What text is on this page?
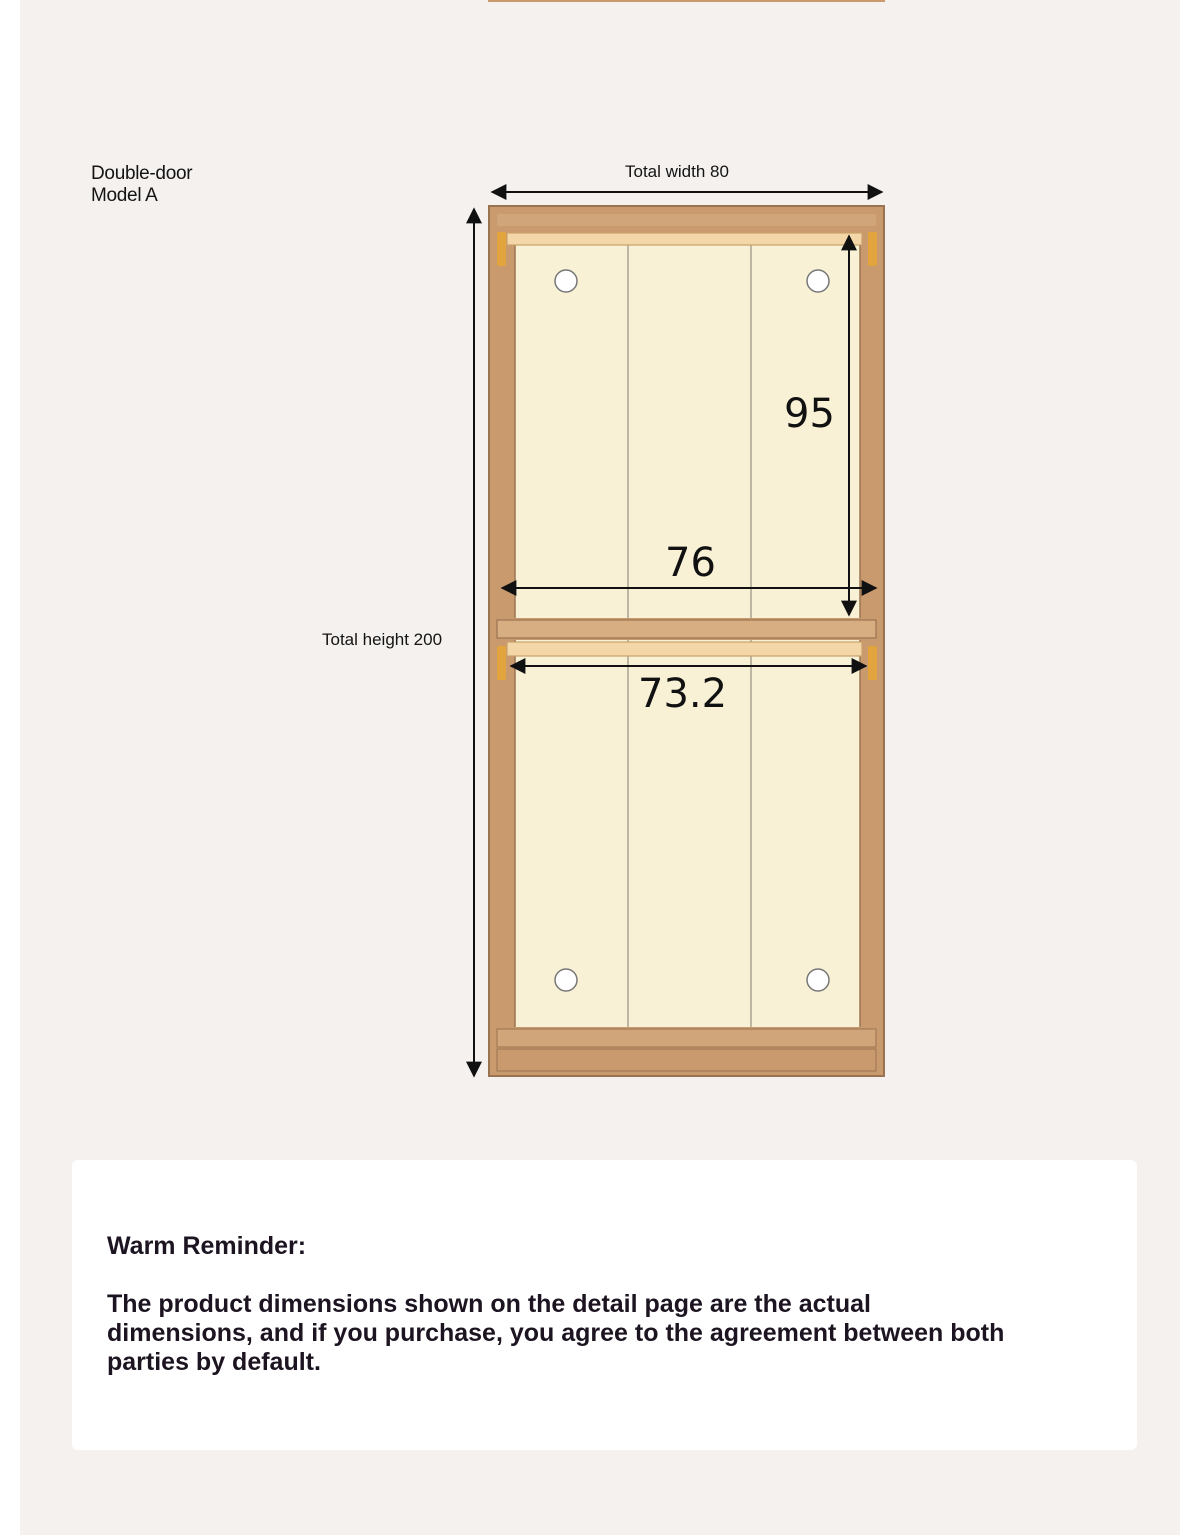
Double-door
Model A
Total width 80
Total height 200
95
76
73.2
Warm Reminder:
The product dimensions shown on the detail page are the actual dimensions, and if you purchase, you agree to the agreement between both parties by default.
